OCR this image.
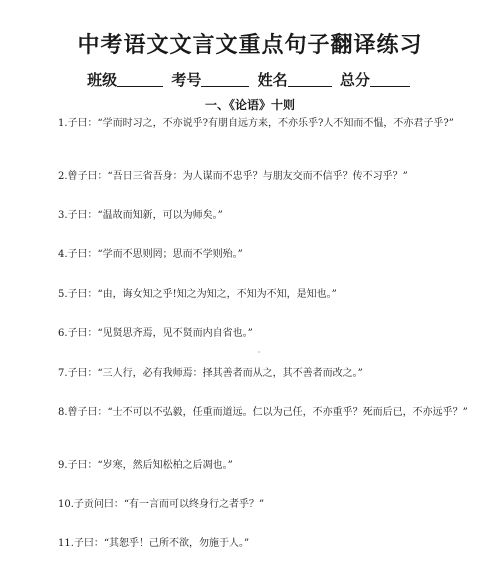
中考语文文言文重点句子翻译练习
班级	考号	姓名	总分
一、《论语》十则
1.子曰：“学而时习之，不亦说乎?有朋自远方来，不亦乐乎?人不知而不愠，不亦君子乎?”
2.曾子曰：“吾日三省吾身：为人谋而不忠乎？与朋友交而不信乎？传不习乎？”
3.子曰：“温故而知新，可以为师矣。”
4.子曰：“学而不思则罔；思而不学则殆。”
5.子曰：“由，诲女知之乎!知之为知之，不知为不知，是知也。”
6.子曰：“见贤思齐焉，见不贤而内自省也。”
7.子曰：“三人行，必有我师焉：择其善者而从之，其不善者而改之。”
8.曾子曰：“士不可以不弘毅，任重而道远。仁以为己任，不亦重乎？死而后已，不亦远乎？”
9.子曰：“岁寒，然后知松柏之后凋也。”
10.子贡问曰：“有一言而可以终身行之者乎？”
11.子曰：“其恕乎！己所不欲，勿施于人。”
